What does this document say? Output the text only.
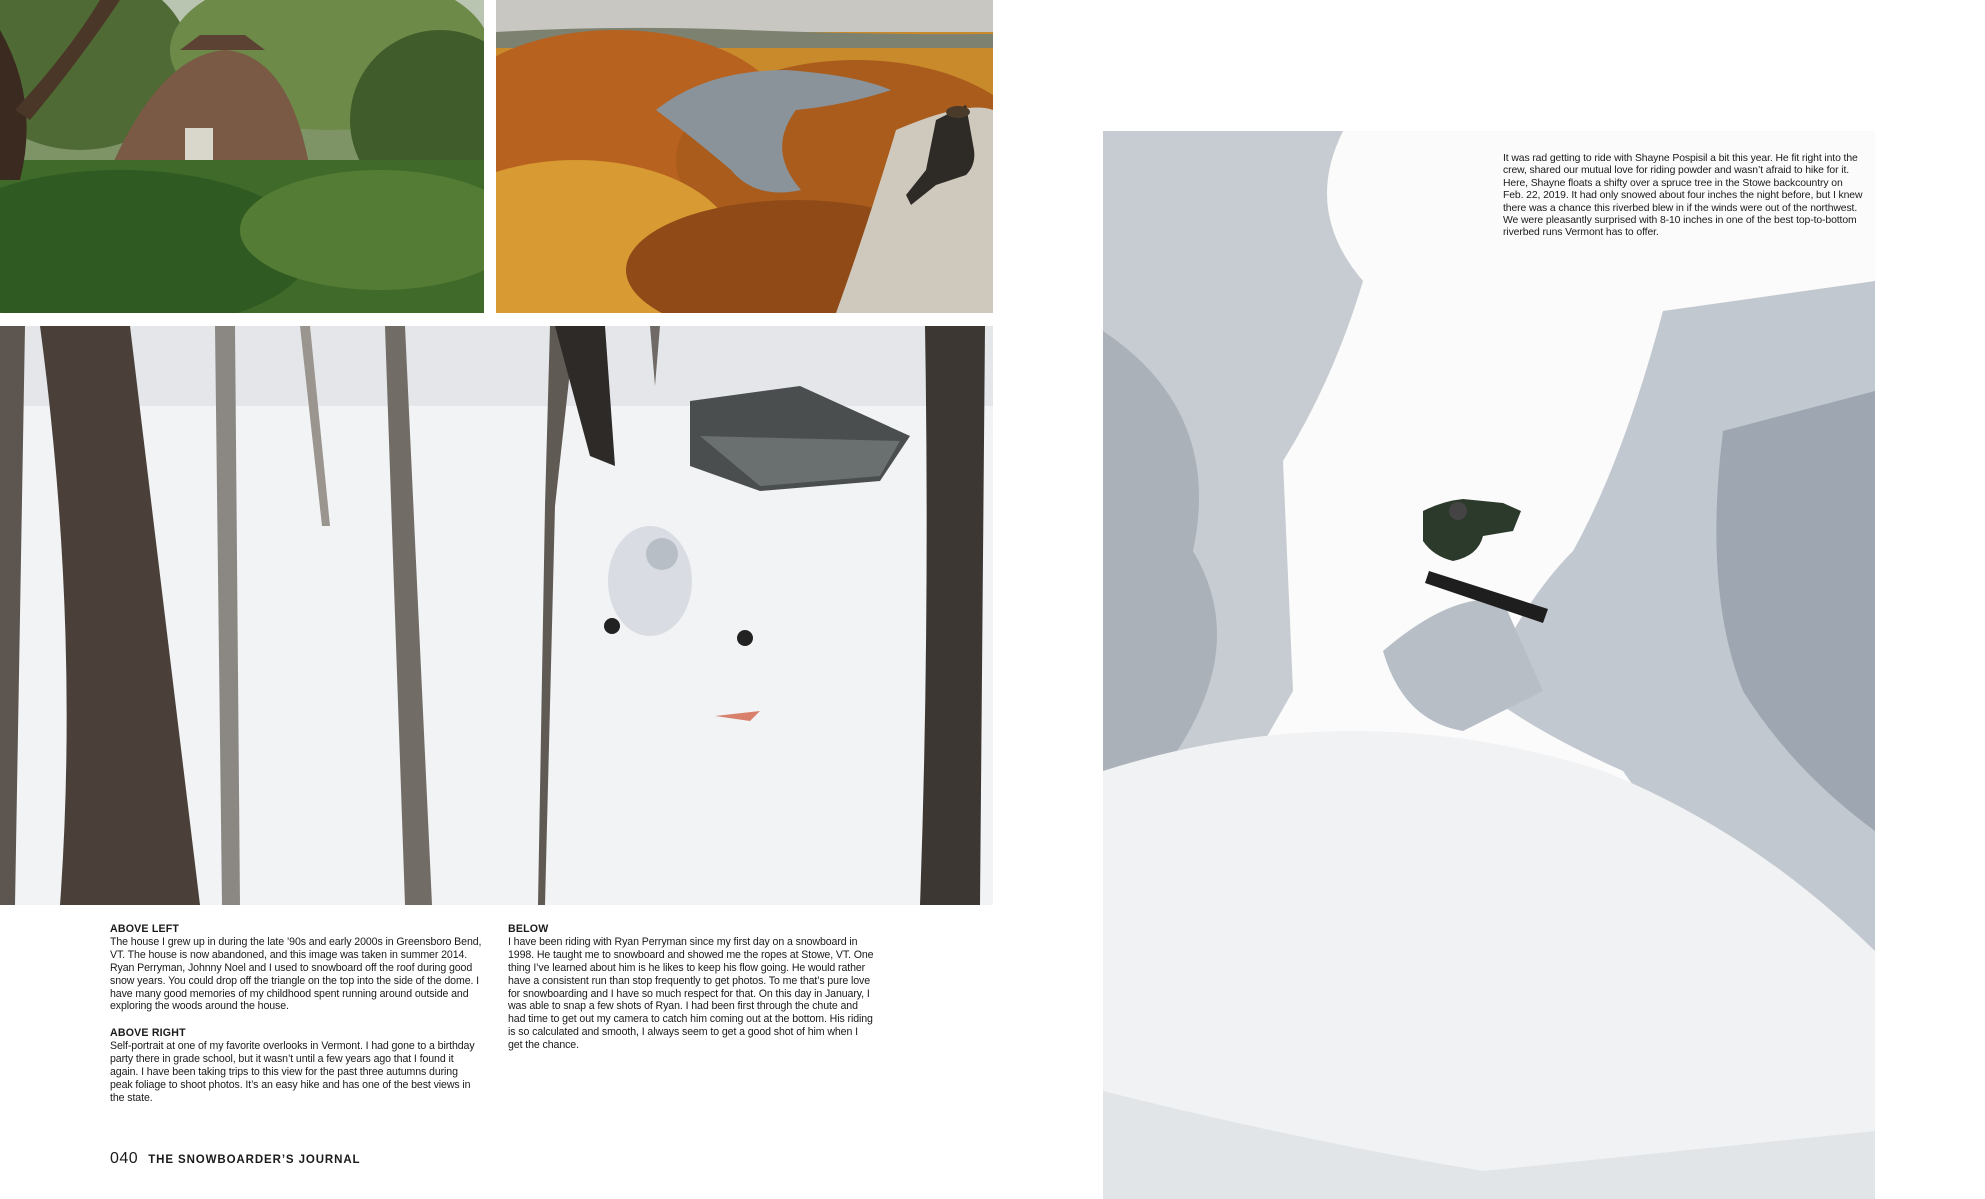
ABOVE LEFT

The house I grew up in during the late ’90s and early 2000s in Greensboro Bend, VT. The house is now abandoned, and this image was taken in summer 2014. Ryan Perryman, Johnny Noel and I used to snowboard off the roof during good snow years. You could drop off the triangle on the top into the side of the dome. I have many good memories of my childhood spent running around outside and exploring the woods around the house.

ABOVE RIGHT

Self-portrait at one of my favorite overlooks in Vermont. I had gone to a birthday party there in grade school, but it wasn’t until a few years ago that I found it again. I have been taking trips to this view for the past three autumns during peak foliage to shoot photos. It’s an easy hike and has one of the best views in the state.

BELOW

I have been riding with Ryan Perryman since my first day on a snowboard in 1998. He taught me to snowboard and showed me the ropes at Stowe, VT. One thing I’ve learned about him is he likes to keep his flow going. He would rather have a consistent run than stop frequently to get photos. To me that’s pure love for snowboarding and I have so much respect for that. On this day in January, I was able to snap a few shots of Ryan. I had been first through the chute and had time to get out my camera to catch him coming out at the bottom. His riding is so calculated and smooth, I always seem to get a good shot of him when I get the chance.

It was rad getting to ride with Shayne Pospisil a bit this year. He fit right into the crew, shared our mutual love for riding powder and wasn’t afraid to hike for it. Here, Shayne floats a shifty over a spruce tree in the Stowe backcountry on Feb. 22, 2019. It had only snowed about four inches the night before, but I knew there was a chance this riverbed blew in if the winds were out of the northwest. We were pleasantly surprised with 8-10 inches in one of the best top-to-bottom riverbed runs Vermont has to offer.

040 THE SNOWBOARDER’S JOURNAL
